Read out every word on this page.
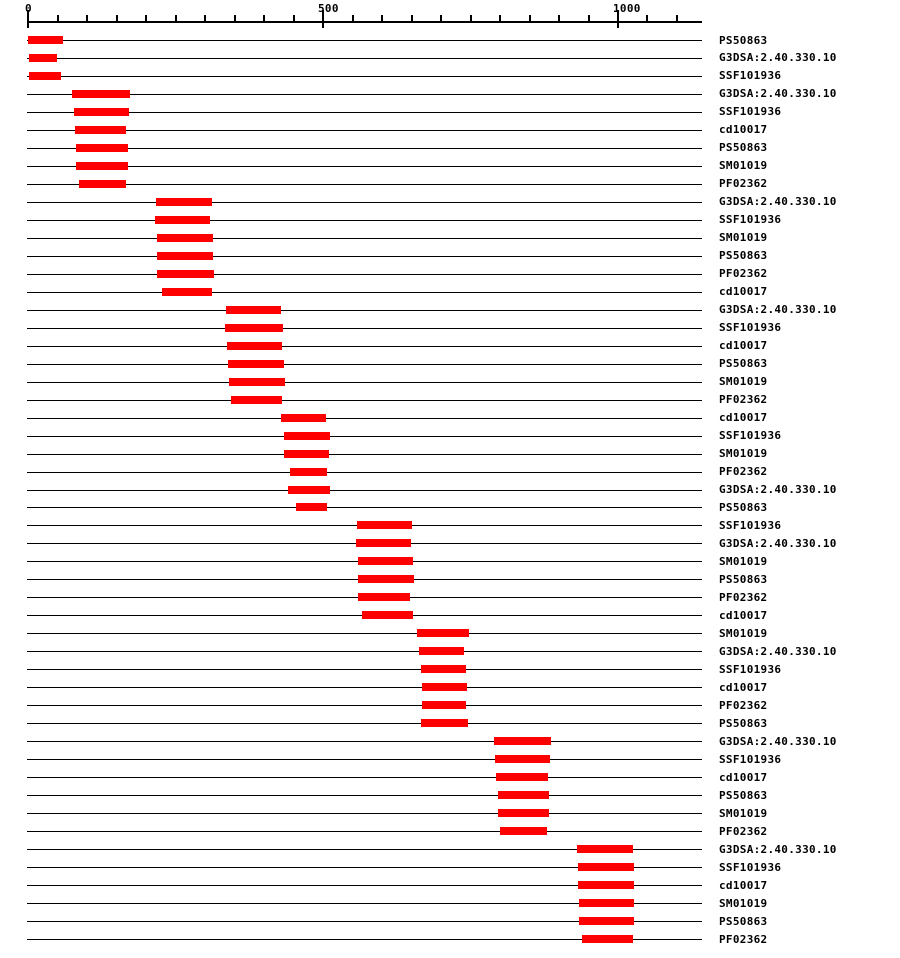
0	500	1000
PS50863
G3DSA:2.40.330.10
SSF101936
G3DSA:2.40.330.10
SSF101936
cd10017
PS50863
SM01019
PF02362
G3DSA:2.40.330.10
SSF101936
SM01019
PS50863
PF02362
cd10017
G3DSA:2.40.330.10
SSF101936
cd10017
PS50863
SM01019
PF02362
cd10017
SSF101936
SM01019
PF02362
G3DSA:2.40.330.10
PS50863
SSF101936
G3DSA:2.40.330.10
SM01019
PS50863
PF02362
cd10017
SM01019
G3DSA:2.40.330.10
SSF101936
cd10017
PF02362
PS50863
G3DSA:2.40.330.10
SSF101936
cd10017
PS50863
SM01019
PF02362
G3DSA:2.40.330.10
SSF101936
cd10017
SM01019
PS50863
PF02362
